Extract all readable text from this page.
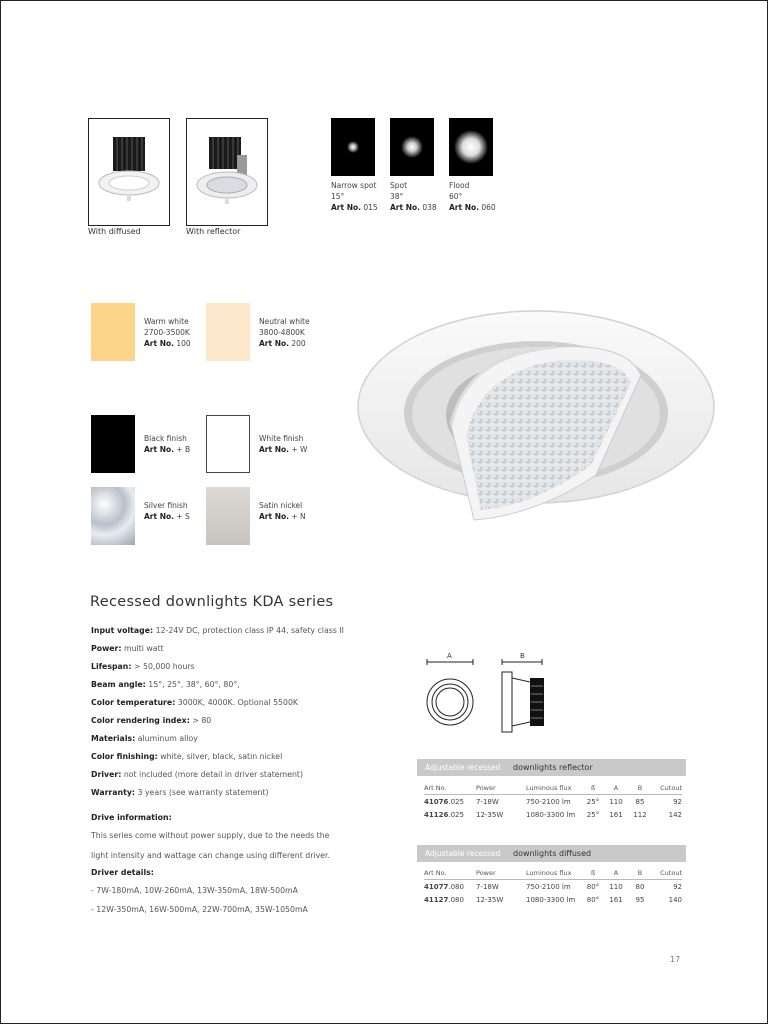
With diffused	With reflector
Narrow spot
15°
Art No. 015
Spot
38°
Art No. 038
Flood
60°
Art No. 060
Warm white
2700-3500K
Art No. 100
Neutral white
3800-4800K
Art No. 200
Black finish
Art No. + B
White finish
Art No. + W
Silver finish
Art No. + S
Satin nickel
Art No. + N
Recessed downlights KDA series
Input voltage: 12-24V DC, protection class IP 44, safety class II
Power: multi watt
Lifespan: > 50,000 hours
Beam angle: 15°, 25°, 38°, 60°, 80°,
Color temperature: 3000K, 4000K. Optional 5500K
Color rendering index: > 80
Materials: aluminum alloy
Color finishing: white, silver, black, satin nickel
Driver: not included (more detail in driver statement)
Warranty: 3 years (see warranty statement)
Drive information:
This series come without power supply, due to the needs the
light intensity and wattage can change using different driver.
Driver details:
- 7W-180mA, 10W-260mA, 13W-350mA, 18W-500mA
- 12W-350mA, 16W-500mA, 22W-700mA, 35W-1050mA
A	B
Adjustable recessed downlights reflector
Art No.	Power	Luminous flux	ß	A	B	Cutout
41076.025	7-18W	750-2100 lm	25°	110	85	92
41126.025	12-35W	1080-3300 lm	25°	161	112	142
Adjustable recessed downlights diffused
Art No.	Power	Luminous flux	ß	A	B	Cutout
41077.080	7-18W	750-2100 lm	80°	110	80	92
41127.080	12-35W	1080-3300 lm	80°	161	95	140
17
